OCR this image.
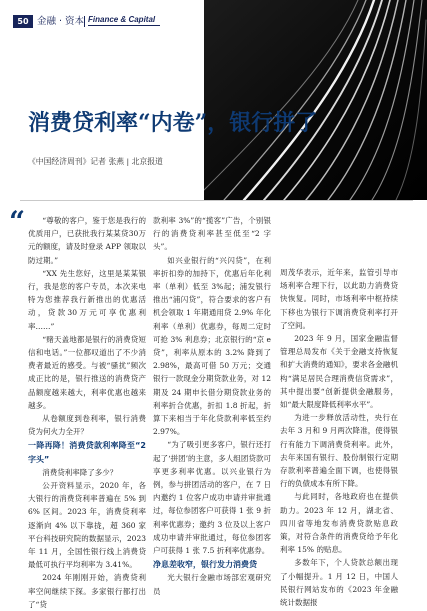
50 金融 · 资本 Finance & Capital
消费贷利率“内卷”，银行拼了
《中国经济周刊》记者 张燕 | 北京报道
“	“尊敬的客户，鉴于您是我行的优质用户，已获批我行某某贷30万元的额度，请及时登录 APP 领取以防过期。”

“XX 先生您好，这里是某某银行，我是您的客户专员，本次来电特为您推荐我行新推出的优惠活动，贷款30万元可享优惠利率……”

“赌天盖地都是银行的消费贷短信和电话。”一位都叹道出了不少消费者最近的感受。与被“骚扰”频次成正比的是，银行推送的消费贷产品额度越来越大，利率优惠也越来越多。

从卷额度到卷利率，银行消费贷为何火力全开？

一降再降！消费贷款利率降至“2字头”

消费贷利率降了多少？

公开资料显示，2020 年，各大银行的消费贷利率普遍在 5% 到 6% 区间。2023 年，消费贷利率逐渐向 4% 以下靠拢，超 360 家平台科技研究院的数据显示，2023 年 11 月，全国性银行线上消费贷最低可执行平均利率为 3.41%。

2024 年刚刚开始，消费贷利率空间继续下探。多家银行都打出了“贷

款利率 3%”的“揽客”广告，个别银行的消费贷利率甚至低至“2 字头”。

如兴业银行的“兴闪贷”，在利率折扣券的加持下，优惠后年化利率（单利）低至 3%起；浦发银行推出“浦闪贷”，符合要求的客户有机会领取 1 年期通用贷 2.9% 年化利率（单利）优惠券，每周二定时可抢 3% 利息券；北京银行的“京 e 贷”，利率从原本的 3.2% 降到了 2.98%，最高可借 50 万元；交通银行一款现金分期贷款业务，对 12 期及 24 期申长借分期贷款业务的利率折合优惠，折扣 1.8 折起，折算下来相当于年化贷款利率低至约 2.97%。

“为了吸引更多客户，银行还打起了‘拼团’的主意，多人组团贷款可享更多利率优惠。以兴业银行为例，参与拼团活动的客户，在 7 日内邀约 1 位客户成功申请并审批通过，每位参团客户可获得 1 张 9 折利率优惠券；邀约 3 位及以上客户成功申请并审批通过，每位参团客户可获得 1 张 7.5 折利率优惠券。

净息差收窄，银行发力消费贷

光大银行金融市场部宏观研究员

周茂华表示，近年来，监管引导市场利率合理下行，以此助力消费贷快恢复。同时，市场利率中枢持续下移也为银行下调消费贷利率打开了空间。

2023 年 9 月，国家金融监督管理总局发布《关于金融支持恢复和扩大消费的通知》，要求各金融机构“满足居民合理消费信贷需求”，其中提出要“创新提供金融服务，如“最大限度降低利率水平”。

为进一步释放活动性，央行在去年 3 月和 9 月两次降准，使得银行有能力下调消费贷利率。此外，去年来国有银行、股份制银行定期存款利率普遍全面下调，也使得银行的负债成本有所下降。

与此同时，各地政府也在提供助力。2023 年 12 月，湖北省、四川省等地发布消费贷款贴息政策，对符合条件的消费贷给予年化利率 15% 的贴息。

多数年下，个人贷款总额出现了小幅提升。1 月 12 日，中国人民银行网站发布的《2023 年金融统计数据报
